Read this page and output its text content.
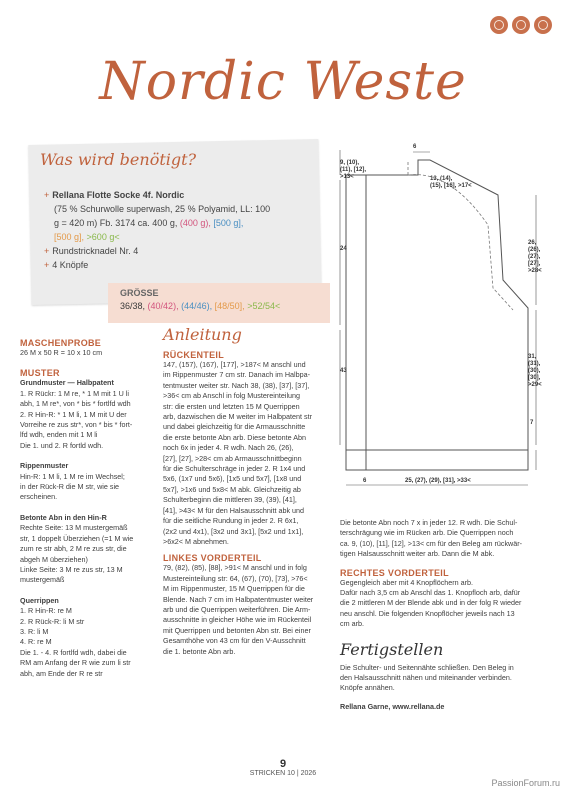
Nordic Weste
Was wird benötigt?
+ Rellana Flotte Socke 4f. Nordic
(75 % Schurwolle superwash, 25 % Polyamid, LL: 100
g = 420 m) Fb. 3174 ca. 400 g, (400 g), [500 g],
[500 g], >600 g<
+ Rundstricknadel Nr. 4
+ 4 Knöpfe
GRÖSSE
36/38, (40/42), (44/46), [48/50], >52/54<
MASCHENPROBE
26 M x 50 R = 10 x 10 cm
MUSTER
Grundmuster — Halbpatent
1. R Rückr: 1 M re, * 1 M mit 1 U li
abh, 1 M re*, von * bis * fortlfd wdh
2. R Hin-R: * 1 M li, 1 M mit U der
Vorreihe re zus str*, von * bis * fort-
lfd wdh, enden mit 1 M li
Die 1. und 2. R fortld wdh.
Rippenmuster
Hin-R: 1 M li, 1 M re im Wechsel;
in der Rück-R die M str, wie sie
erscheinen.
Betonte Abn in den Hin-R
Rechte Seite: 13 M mustergemäß
str, 1 doppelt Überziehen (=1 M wie
zum re str abh, 2 M re zus str, die
abgeh M überziehen)
Linke Seite: 3 M re zus str, 13 M
mustergemäß
Querrippen
1. R Hin-R: re M
2. R Rück-R: li M str
3. R: li M
4. R: re M
Die 1. - 4. R fortlfd wdh, dabei die
RM am Anfang der R wie zum li str
abh, am Ende der R re str
Anleitung
RÜCKENTEIL
147, (157), (167), [177], >187< M anschl und
im Rippenmuster 7 cm str. Danach im Halbpa-
tentmuster weiter str. Nach 38, (38), [37], [37],
>36< cm ab Anschl in folg Mustereinteilung
str: die ersten und letzten 15 M Querrippen
arb, dazwischen die M weiter im Halbpatent str
und dabei gleichzeitig für die Armausschnitte
die erste betonte Abn arb. Diese betonte Abn
noch 6x in jeder 4. R wdh. Nach 26, (26),
[27], [27], >28< cm ab Armausschnittbeginn
für die Schulterschräge in jeder 2. R 1x4 und
5x6, (1x7 und 5x6), [1x5 und 5x7], [1x8 und
5x7], >1x6 und 5x8< M abk. Gleichzeitig ab
Schulterbeginn die mittleren 39, (39), [41],
[41], >43< M für den Halsausschnitt abk und
für die seitliche Rundung in jeder 2. R 6x1,
(2x2 und 4x1), [3x2 und 3x1], [5x2 und 1x1],
>6x2< M abnehmen.
LINKES VORDERTEIL
79, (82), (85), [88], >91< M anschl und in folg
Mustereinteilung str: 64, (67), (70), [73], >76<
M im Rippenmuster, 15 M Querrippen für die
Blende. Nach 7 cm im Halbpatentmuster weiter
arb und die Querrippen weiterführen. Die Arm-
ausschnitte in gleicher Höhe wie im Rückenteil
mit Querrippen und betonten Abn str. Bei einer
Gesamthöhe von 43 cm für den V-Ausschnitt
die 1. betonte Abn arb.
6
9, (10),
(11), [12],
>13<	13, (14),
(15), [16], >17<
24
26,
(26),
(27),
[27],
>28<
43
31,
(31),
(30),
[30],
>29<
7
6	25, (27), (29), [31], >33<
Die betonte Abn noch 7 x in jeder 12. R wdh. Die Schul-
terschrägung wie im Rücken arb. Die Querrippen noch
ca. 9, (10), [11], [12], >13< cm für den Beleg am rückwär-
tigen Halsausschnitt weiter arb. Dann die M abk.
RECHTES VORDERTEIL
Gegengleich aber mit 4 Knopflöchern arb.
Dafür nach 3,5 cm ab Anschl das 1. Knopfloch arb, dafür
die 2 mittleren M der Blende abk und in der folg R wieder
neu anschl. Die folgenden Knopflöcher jeweils nach 13
cm arb.
Fertigstellen
Die Schulter- und Seitennähte schließen. Den Beleg in
den Halsausschnitt nähen und miteinander verbinden.
Knöpfe annähen.
Rellana Garne, www.rellana.de
9
STRICKEN 10 | 2026
PassionForum.ru
